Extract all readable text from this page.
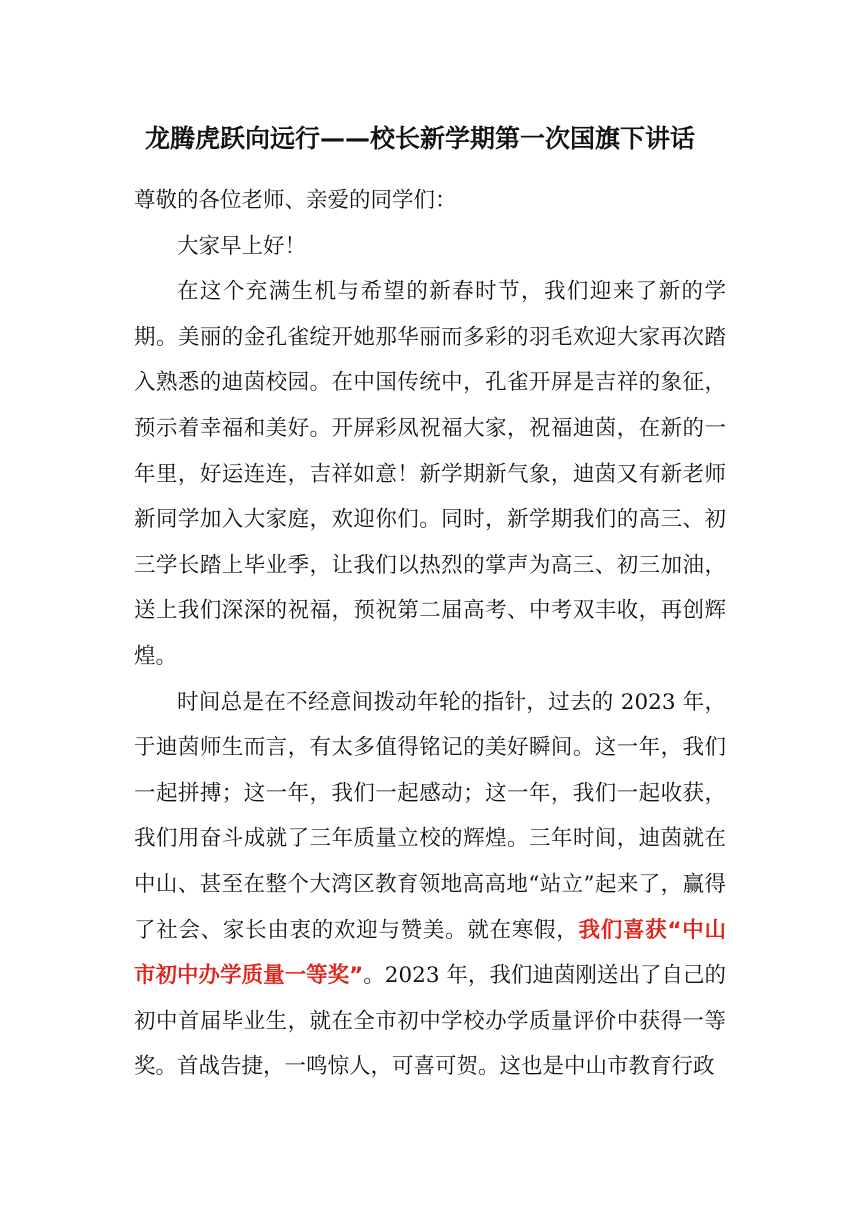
龙腾虎跃向远行——校长新学期第一次国旗下讲话

尊敬的各位老师、亲爱的同学们：

大家早上好！

在这个充满生机与希望的新春时节，我们迎来了新的学期。美丽的金孔雀绽开她那华丽而多彩的羽毛欢迎大家再次踏入熟悉的迪茵校园。在中国传统中，孔雀开屏是吉祥的象征，预示着幸福和美好。开屏彩凤祝福大家，祝福迪茵，在新的一年里，好运连连，吉祥如意！新学期新气象，迪茵又有新老师新同学加入大家庭，欢迎你们。同时，新学期我们的高三、初三学长踏上毕业季，让我们以热烈的掌声为高三、初三加油，送上我们深深的祝福，预祝第二届高考、中考双丰收，再创辉煌。

时间总是在不经意间拨动年轮的指针，过去的 2023 年，于迪茵师生而言，有太多值得铭记的美好瞬间。这一年，我们一起拼搏；这一年，我们一起感动；这一年，我们一起收获，我们用奋斗成就了三年质量立校的辉煌。三年时间，迪茵就在中山、甚至在整个大湾区教育领地高高地“站立”起来了，赢得了社会、家长由衷的欢迎与赞美。就在寒假，我们喜获“中山市初中办学质量一等奖”。2023 年，我们迪茵刚送出了自己的初中首届毕业生，就在全市初中学校办学质量评价中获得一等奖。首战告捷，一鸣惊人，可喜可贺。这也是中山市教育行政
